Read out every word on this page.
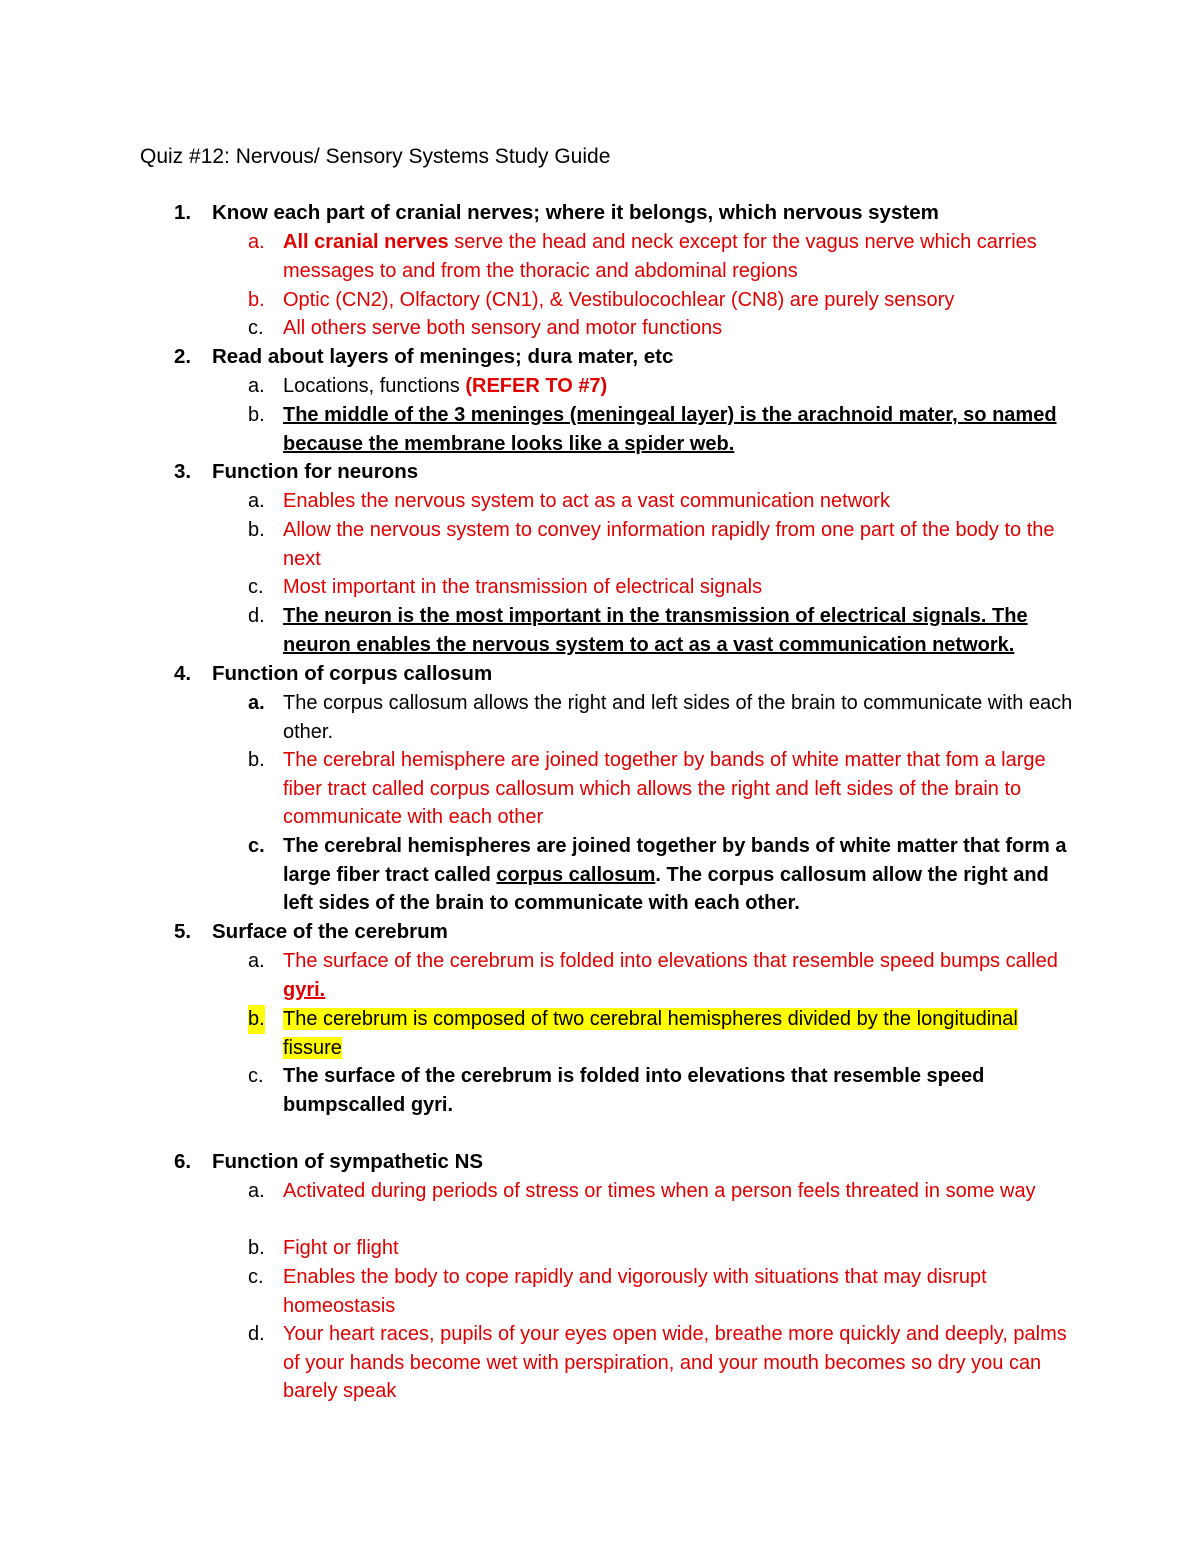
Quiz #12: Nervous/ Sensory Systems Study Guide
1. Know each part of cranial nerves; where it belongs, which nervous system
a. All cranial nerves serve the head and neck except for the vagus nerve which carries messages to and from the thoracic and abdominal regions
b. Optic (CN2), Olfactory (CN1), & Vestibulocochlear (CN8) are purely sensory
c. All others serve both sensory and motor functions
2. Read about layers of meninges; dura mater, etc
a. Locations, functions (REFER TO #7)
b. The middle of the 3 meninges (meningeal layer) is the arachnoid mater, so named because the membrane looks like a spider web.
3. Function for neurons
a. Enables the nervous system to act as a vast communication network
b. Allow the nervous system to convey information rapidly from one part of the body to the next
c. Most important in the transmission of electrical signals
d. The neuron is the most important in the transmission of electrical signals. The neuron enables the nervous system to act as a vast communication network.
4. Function of corpus callosum
a. The corpus callosum allows the right and left sides of the brain to communicate with each other.
b. The cerebral hemisphere are joined together by bands of white matter that fom a large fiber tract called corpus callosum which allows the right and left sides of the brain to communicate with each other
c. The cerebral hemispheres are joined together by bands of white matter that form a large fiber tract called corpus callosum. The corpus callosum allow the right and left sides of the brain to communicate with each other.
5. Surface of the cerebrum
a. The surface of the cerebrum is folded into elevations that resemble speed bumps called gyri.
b. The cerebrum is composed of two cerebral hemispheres divided by the longitudinal fissure
c. The surface of the cerebrum is folded into elevations that resemble speed bumpscalled gyri.
6. Function of sympathetic NS
a. Activated during periods of stress or times when a person feels threated in some way
b. Fight or flight
c. Enables the body to cope rapidly and vigorously with situations that may disrupt homeostasis
d. Your heart races, pupils of your eyes open wide, breathe more quickly and deeply, palms of your hands become wet with perspiration, and your mouth becomes so dry you can barely speak
